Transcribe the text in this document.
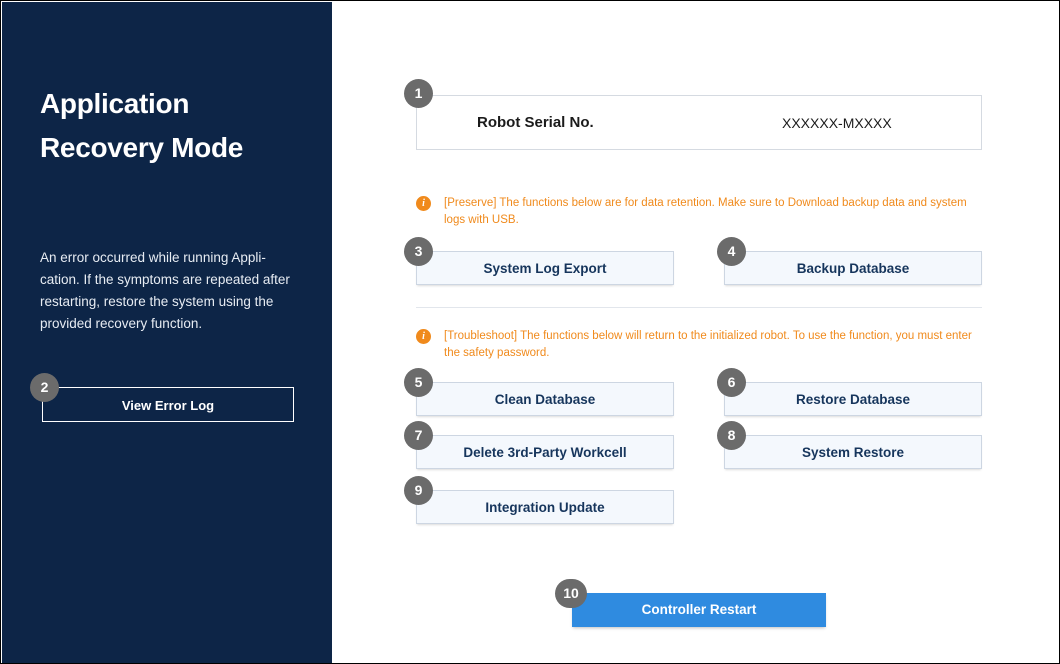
Application Recovery Mode
An error occurred while running Appli-cation. If the symptoms are repeated after restarting, restore the system using the provided recovery function.
View Error Log
Robot Serial No.	XXXXXX-MXXXX
i	[Preserve] The functions below are for data retention. Make sure to Download backup data and system logs with USB.
System Log Export	Backup Database
i	[Troubleshoot] The functions below will return to the initialized robot. To use the function, you must enter the safety password.
Clean Database	Restore Database
Delete 3rd-Party Workcell	System Restore
Integration Update
Controller Restart
1
2
3	4
5	6
7	8
9
10
